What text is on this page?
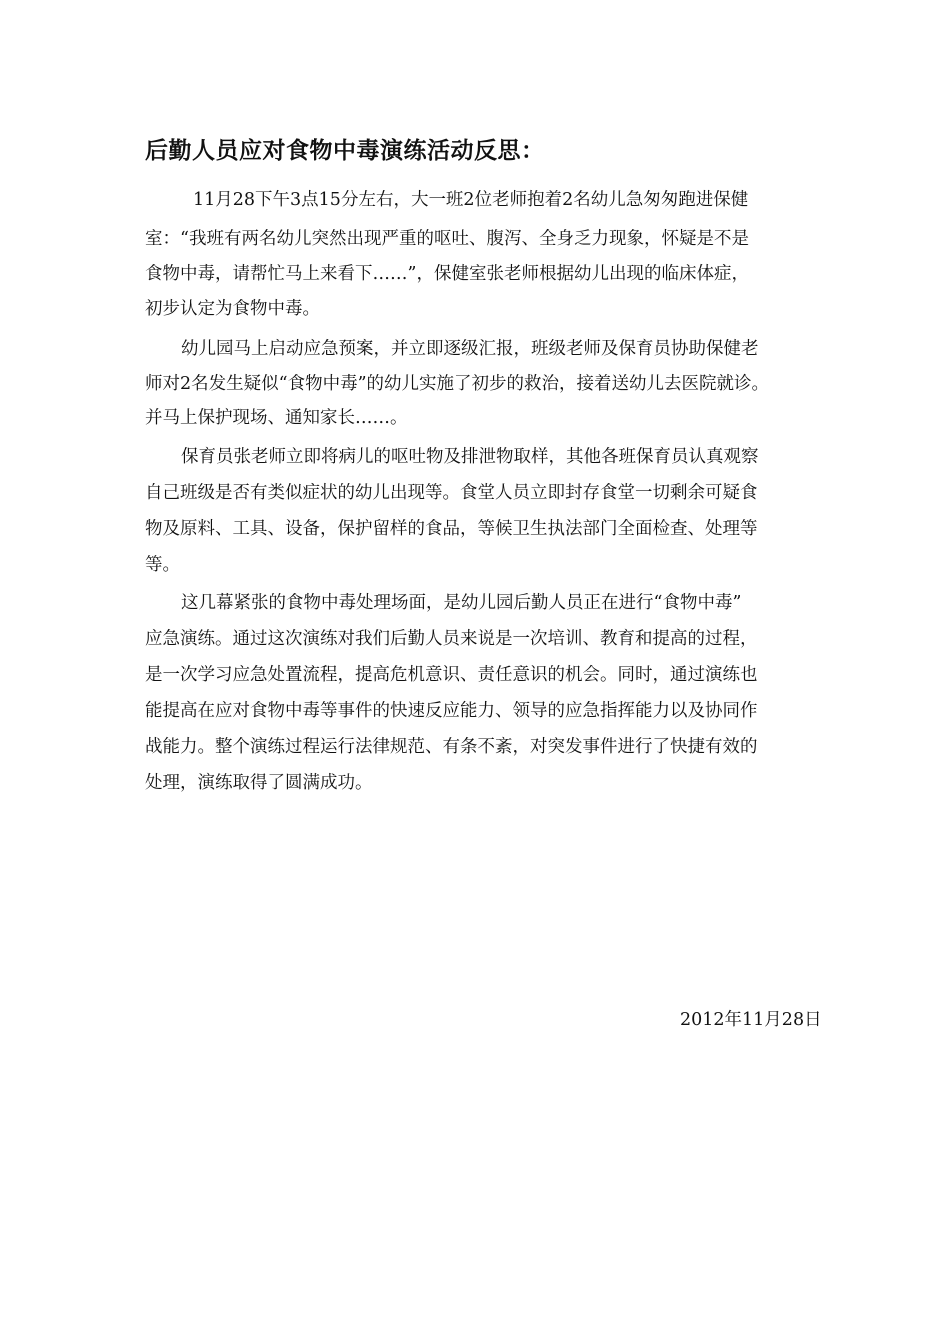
后勤人员应对食物中毒演练活动反思：

11月28下午3点15分左右，大一班2位老师抱着2名幼儿急匆匆跑进保健

室：“我班有两名幼儿突然出现严重的呕吐、腹泻、全身乏力现象，怀疑是不是

食物中毒，请帮忙马上来看下……”，保健室张老师根据幼儿出现的临床体症，

初步认定为食物中毒。

幼儿园马上启动应急预案，并立即逐级汇报，班级老师及保育员协助保健老

师对2名发生疑似“食物中毒”的幼儿实施了初步的救治，接着送幼儿去医院就诊。

并马上保护现场、通知家长……。

保育员张老师立即将病儿的呕吐物及排泄物取样，其他各班保育员认真观察

自己班级是否有类似症状的幼儿出现等。食堂人员立即封存食堂一切剩余可疑食

物及原料、工具、设备，保护留样的食品，等候卫生执法部门全面检查、处理等

等。

这几幕紧张的食物中毒处理场面，是幼儿园后勤人员正在进行“食物中毒”

应急演练。通过这次演练对我们后勤人员来说是一次培训、教育和提高的过程，

是一次学习应急处置流程，提高危机意识、责任意识的机会。同时，通过演练也

能提高在应对食物中毒等事件的快速反应能力、领导的应急指挥能力以及协同作

战能力。整个演练过程运行法律规范、有条不紊，对突发事件进行了快捷有效的

处理，演练取得了圆满成功。

2012年11月28日
